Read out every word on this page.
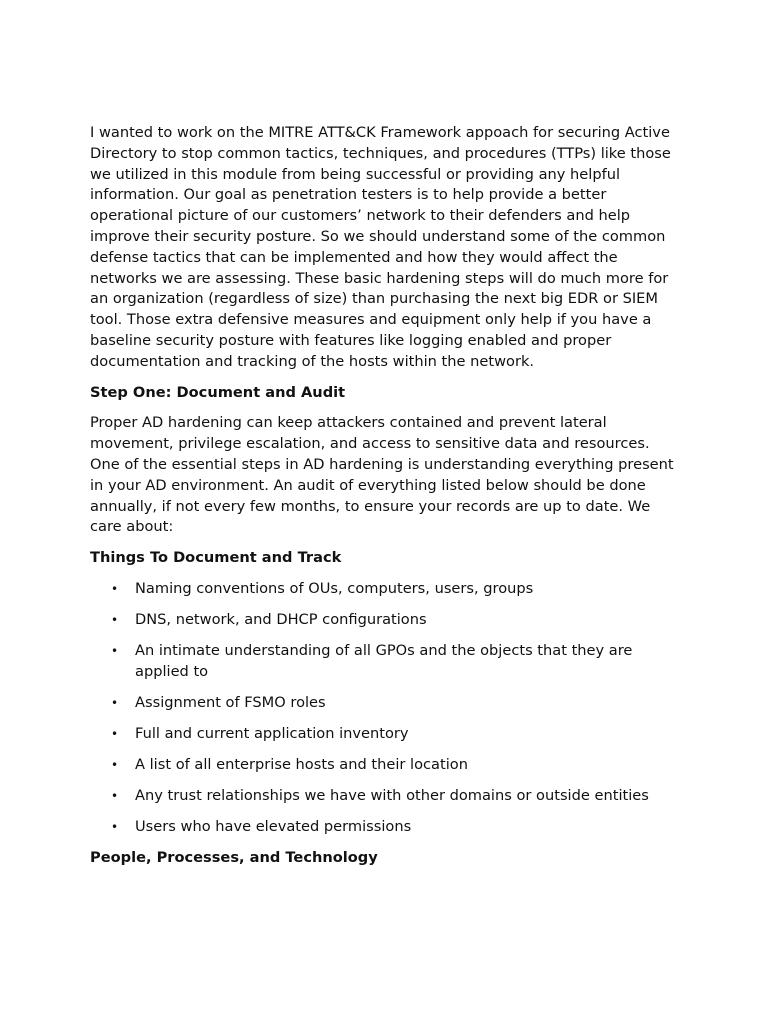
I wanted to work on the MITRE ATT&CK Framework appoach for securing Active Directory to stop common tactics, techniques, and procedures (TTPs) like those we utilized in this module from being successful or providing any helpful information. Our goal as penetration testers is to help provide a better operational picture of our customers’ network to their defenders and help improve their security posture. So we should understand some of the common defense tactics that can be implemented and how they would affect the networks we are assessing. These basic hardening steps will do much more for an organization (regardless of size) than purchasing the next big EDR or SIEM tool. Those extra defensive measures and equipment only help if you have a baseline security posture with features like logging enabled and proper documentation and tracking of the hosts within the network.

Step One: Document and Audit

Proper AD hardening can keep attackers contained and prevent lateral movement, privilege escalation, and access to sensitive data and resources. One of the essential steps in AD hardening is understanding everything present in your AD environment. An audit of everything listed below should be done annually, if not every few months, to ensure your records are up to date. We care about:

Things To Document and Track

• Naming conventions of OUs, computers, users, groups
• DNS, network, and DHCP configurations
• An intimate understanding of all GPOs and the objects that they are applied to
• Assignment of FSMO roles
• Full and current application inventory
• A list of all enterprise hosts and their location
• Any trust relationships we have with other domains or outside entities
• Users who have elevated permissions

People, Processes, and Technology
